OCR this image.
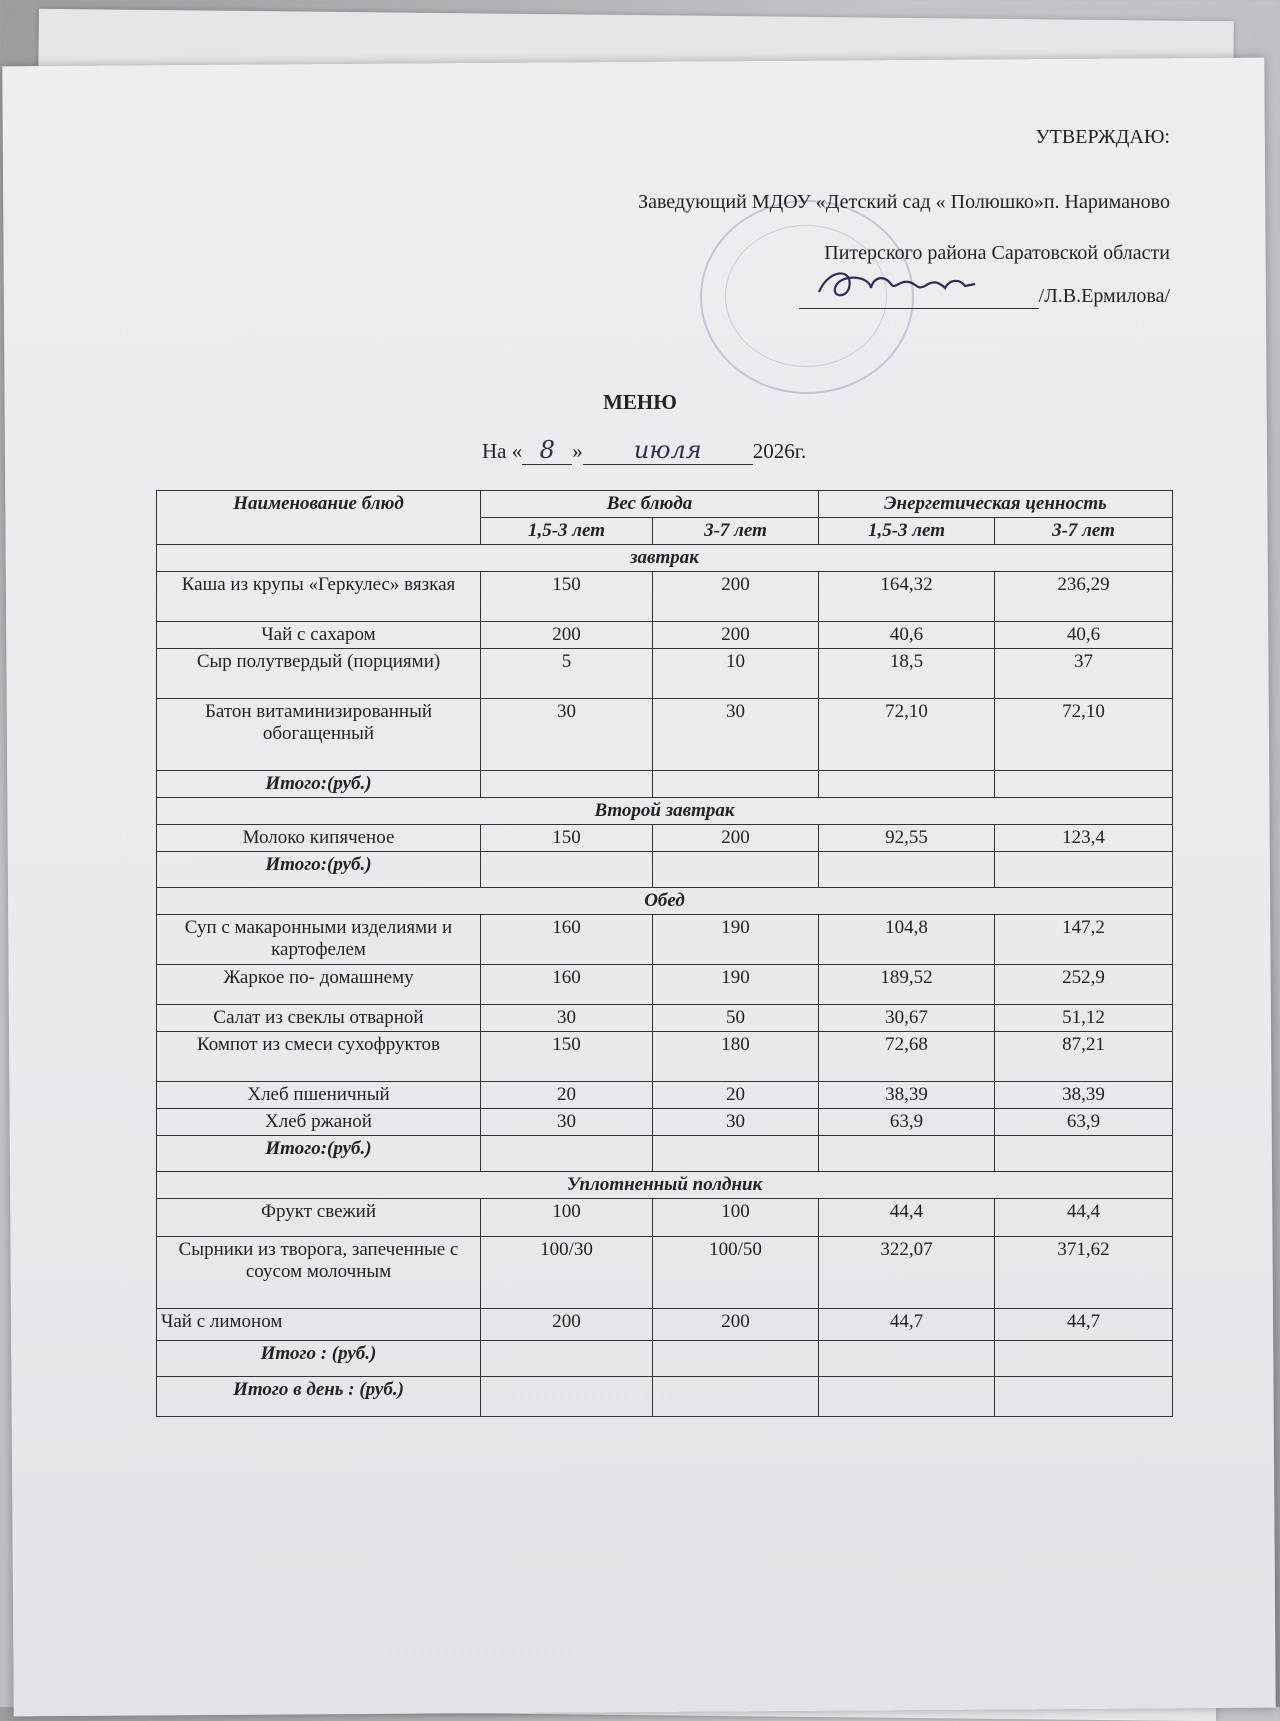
УТВЕРЖДАЮ:
Заведующий МДОУ «Детский сад « Полюшко»п. Нариманово
Питерского района Саратовской области
/Л.В.Ермилова/
МЕНЮ
На « 8 » июля 2026г.
Наименование блюд	Вес блюда		Энергетическая ценность	
	1,5-3 лет	3-7 лет	1,5-3 лет	3-7 лет
завтрак				
Каша из крупы «Геркулес» вязкая	150	200	164,32	236,29
Чай с сахаром	200	200	40,6	40,6
Сыр полутвердый (порциями)	5	10	18,5	37
Батон витаминизированный обогащенный	30	30	72,10	72,10
Итого:(руб.)				
Второй завтрак				
Молоко кипяченое	150	200	92,55	123,4
Итого:(руб.)				
Обед				
Суп с макаронными изделиями и картофелем	160	190	104,8	147,2
Жаркое по- домашнему	160	190	189,52	252,9
Салат из свеклы отварной	30	50	30,67	51,12
Компот из смеси сухофруктов	150	180	72,68	87,21
Хлеб пшеничный	20	20	38,39	38,39
Хлеб ржаной	30	30	63,9	63,9
Итого:(руб.)				
Уплотненный полдник				
Фрукт свежий	100	100	44,4	44,4
Сырники из творога, запеченные с соусом молочным	100/30	100/50	322,07	371,62
Чай с лимоном	200	200	44,7	44,7
Итого : (руб.)				
Итого в день : (руб.)				
